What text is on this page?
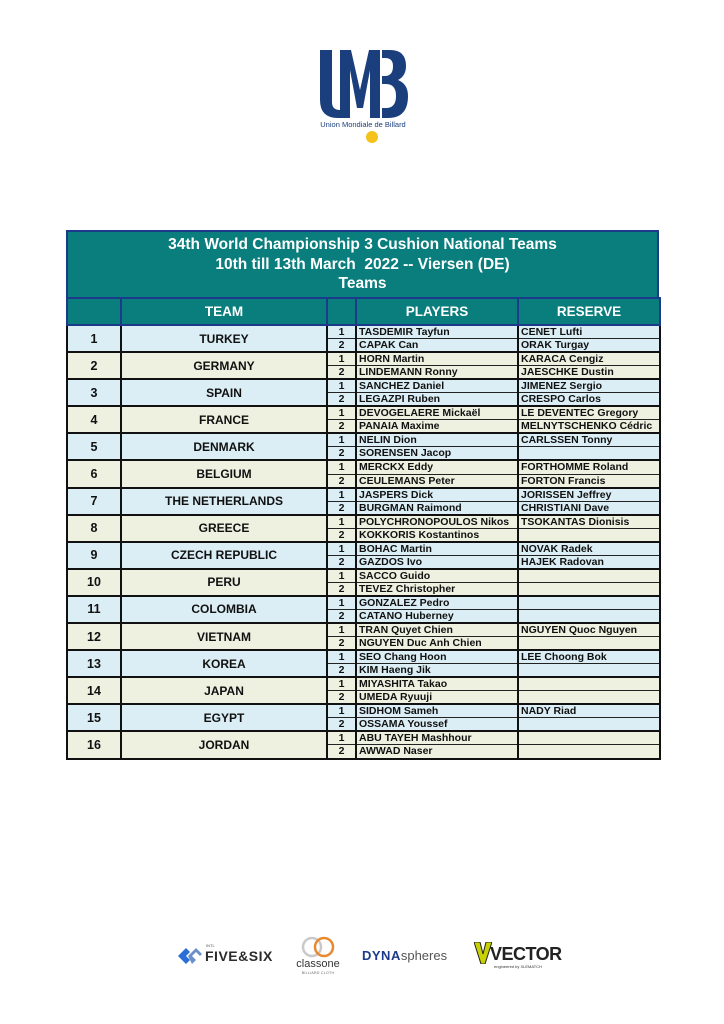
Union Mondiale de Billard
34th World Championship 3 Cushion National Teams
10th till 13th March  2022 -- Viersen (DE)
Teams
	TEAM		PLAYERS	RESERVE
1	TURKEY	1	TASDEMIR Tayfun	CENET Lufti
		2	CAPAK Can	ORAK Turgay
2	GERMANY	1	HORN Martin	KARACA Cengiz
		2	LINDEMANN Ronny	JAESCHKE Dustin
3	SPAIN	1	SANCHEZ Daniel	JIMENEZ Sergio
		2	LEGAZPI Ruben	CRESPO Carlos
4	FRANCE	1	DEVOGELAERE Mickaël	LE DEVENTEC Gregory
		2	PANAIA Maxime	MELNYTSCHENKO Cédric
5	DENMARK	1	NELIN Dion	CARLSSEN Tonny
		2	SORENSEN Jacop	
6	BELGIUM	1	MERCKX Eddy	FORTHOMME Roland
		2	CEULEMANS Peter	FORTON Francis
7	THE NETHERLANDS	1	JASPERS Dick	JORISSEN Jeffrey
		2	BURGMAN Raimond	CHRISTIANI Dave
8	GREECE	1	POLYCHRONOPOULOS Nikos	TSOKANTAS Dionisis
		2	KOKKORIS Kostantinos	
9	CZECH REPUBLIC	1	BOHAC Martin	NOVAK Radek
		2	GAZDOS Ivo	HAJEK Radovan
10	PERU	1	SACCO Guido	
		2	TEVEZ Christopher	
11	COLOMBIA	1	GONZALEZ Pedro	
		2	CATANO Huberney	
12	VIETNAM	1	TRAN Quyet Chien	NGUYEN Quoc Nguyen
		2	NGUYEN Duc Anh Chien	
13	KOREA	1	SEO Chang Hoon	LEE Choong Bok
		2	KIM Haeng Jik	
14	JAPAN	1	MIYASHITA Takao	
		2	UMEDA Ryuuji	
15	EGYPT	1	SIDHOM Sameh	NADY Riad
		2	OSSAMA Youssef	
16	JORDAN	1	ABU TAYEH Mashhour	
		2	AWWAD Naser	
INTL
FIVE&SIX	classone
BILLIARD CLOTH
DYNAspheres VECTOR
engineered by XLEMATCH
